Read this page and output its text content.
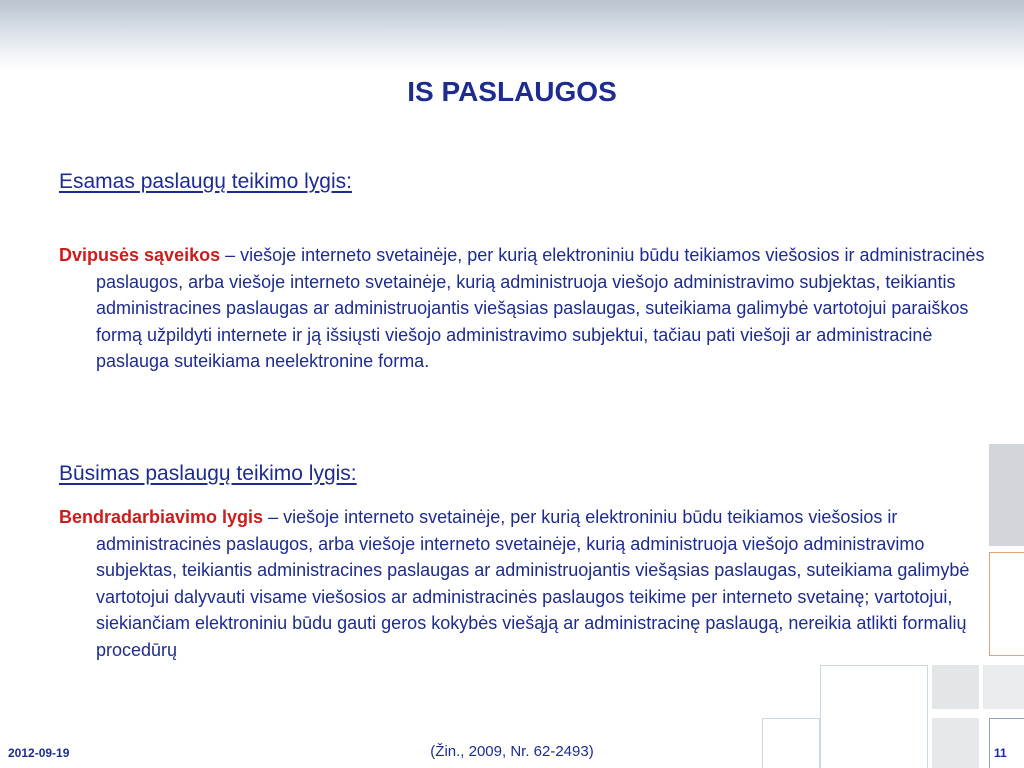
IS PASLAUGOS
Esamas paslaugų teikimo lygis:
Dvipusės sąveikos – viešoje interneto svetainėje, per kurią elektroniniu būdu teikiamos viešosios ir administracinės paslaugos, arba viešoje interneto svetainėje, kurią administruoja viešojo administravimo subjektas, teikiantis administracines paslaugas ar administruojantis viešąsias paslaugas, suteikiama galimybė vartotojui paraiškos formą užpildyti internete ir ją išsiųsti viešojo administravimo subjektui, tačiau pati viešoji ar administracinė paslauga suteikiama neelektronine forma.
Būsimas paslaugų teikimo lygis:
Bendradarbiavimo lygis – viešoje interneto svetainėje, per kurią elektroniniu būdu teikiamos viešosios ir administracinės paslaugos, arba viešoje interneto svetainėje, kurią administruoja viešojo administravimo subjektas, teikiantis administracines paslaugas ar administruojantis viešąsias paslaugas, suteikiama galimybė vartotojui dalyvauti visame viešosios ar administracinės paslaugos teikime per interneto svetainę; vartotojui, siekiančiam elektroniniu būdu gauti geros kokybės viešąją ar administracinę paslaugą, nereikia atlikti formalių procedūrų
2012-09-19	(Žin., 2009, Nr. 62-2493)	11
